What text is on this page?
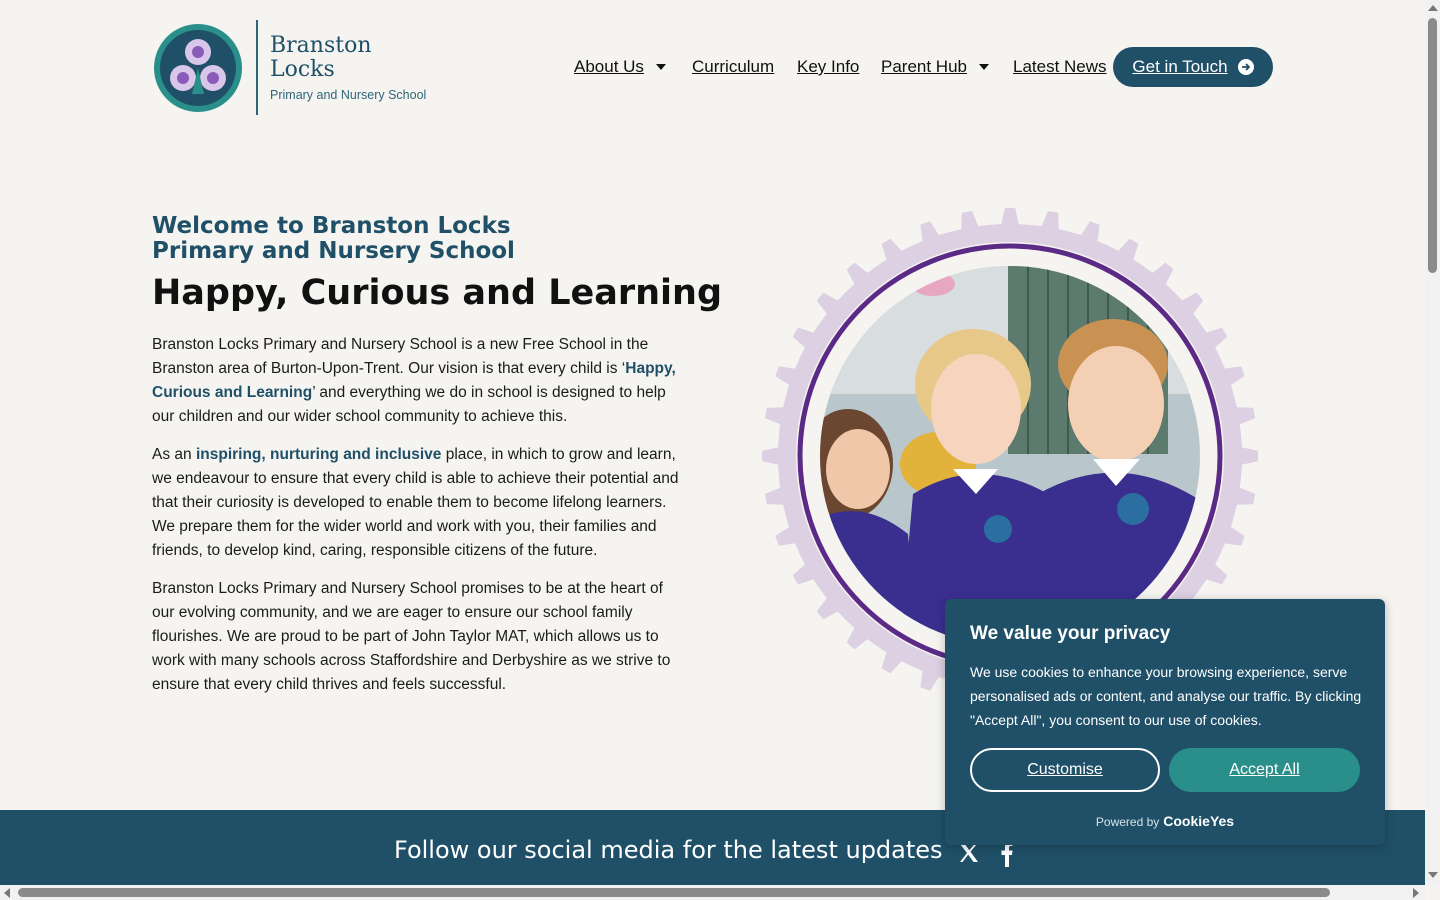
Branston
Locks
Primary and Nursery School
About Us	Curriculum Key Info Parent Hub	Latest News Get in Touch
Welcome to Branston Locks
Primary and Nursery School
Happy, Curious and Learning

Branston Locks Primary and Nursery School is a new Free School in the Branston area of Burton-Upon-Trent. Our vision is that every child is ‘Happy, Curious and Learning’ and everything we do in school is designed to help our children and our wider school community to achieve this.

As an inspiring, nurturing and inclusive place, in which to grow and learn, we endeavour to ensure that every child is able to achieve their potential and that their curiosity is developed to enable them to become lifelong learners. We prepare them for the wider world and work with you, their families and friends, to develop kind, caring, responsible citizens of the future.

Branston Locks Primary and Nursery School promises to be at the heart of our evolving community, and we are eager to ensure our school family flourishes. We are proud to be part of John Taylor MAT, which allows us to work with many schools across Staffordshire and Derbyshire as we strive to ensure that every child thrives and feels successful.

Follow our social media for the latest updates
We value your privacy
We use cookies to enhance your browsing experience, serve personalised ads or content, and analyse our traffic. By clicking "Accept All", you consent to our use of cookies.
Customise	Accept All
Powered by CookieYes
